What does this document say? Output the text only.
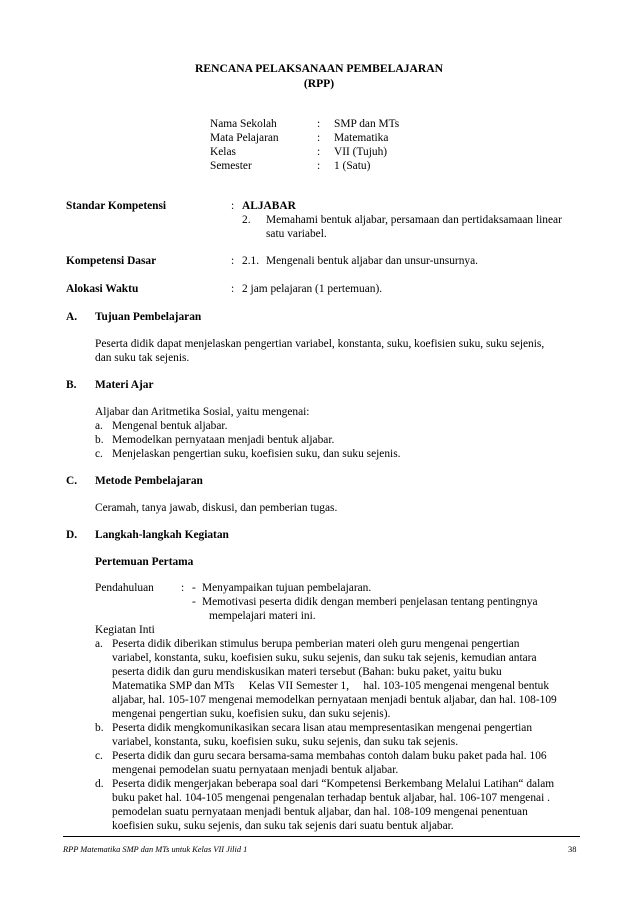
RENCANA PELAKSANAAN PEMBELAJARAN
(RPP)
Nama Sekolah	: SMP dan MTs
Mata Pelajaran	: Matematika
Kelas	: VII (Tujuh)
Semester	: 1 (Satu)
Standar Kompetensi	: ALJABAR
2. Memahami bentuk aljabar, persamaan dan pertidaksamaan linear
satu variabel.
Kompetensi Dasar	: 2.1. Mengenali bentuk aljabar dan unsur-unsurnya.
Alokasi Waktu	: 2 jam pelajaran (1 pertemuan).
A. Tujuan Pembelajaran
Peserta didik dapat menjelaskan pengertian variabel, konstanta, suku, koefisien suku, suku sejenis,
dan suku tak sejenis.
B. Materi Ajar
Aljabar dan Aritmetika Sosial, yaitu mengenai:
a. Mengenal bentuk aljabar.
b. Memodelkan pernyataan menjadi bentuk aljabar.
c. Menjelaskan pengertian suku, koefisien suku, dan suku sejenis.
C. Metode Pembelajaran
Ceramah, tanya jawab, diskusi, dan pemberian tugas.
D. Langkah-langkah Kegiatan
Pertemuan Pertama
Pendahuluan : - Menyampaikan tujuan pembelajaran.
- Memotivasi peserta didik dengan memberi penjelasan tentang pentingnya
mempelajari materi ini.
Kegiatan Inti
a. Peserta didik diberikan stimulus berupa pemberian materi oleh guru mengenai pengertian
variabel, konstanta, suku, koefisien suku, suku sejenis, dan suku tak sejenis, kemudian antara
peserta didik dan guru mendiskusikan materi tersebut (Bahan: buku paket, yaitu buku
Matematika SMP dan MTs     Kelas VII Semester 1,     hal. 103-105 mengenai mengenal bentuk
aljabar, hal. 105-107 mengenai memodelkan pernyataan menjadi bentuk aljabar, dan hal. 108-109
mengenai pengertian suku, koefisien suku, dan suku sejenis).
b. Peserta didik mengkomunikasikan secara lisan atau mempresentasikan mengenai pengertian
variabel, konstanta, suku, koefisien suku, suku sejenis, dan suku tak sejenis.
c. Peserta didik dan guru secara bersama-sama membahas contoh dalam buku paket pada hal. 106
mengenai pemodelan suatu pernyataan menjadi bentuk aljabar.
d. Peserta didik mengerjakan beberapa soal dari “Kompetensi Berkembang Melalui Latihan“ dalam
buku paket hal. 104-105 mengenai pengenalan terhadap bentuk aljabar, hal. 106-107 mengenai .
pemodelan suatu pernyataan menjadi bentuk aljabar, dan hal. 108-109 mengenai penentuan
koefisien suku, suku sejenis, dan suku tak sejenis dari suatu bentuk aljabar.
RPP Matematika SMP dan MTs untuk Kelas VII Jilid 1	38
